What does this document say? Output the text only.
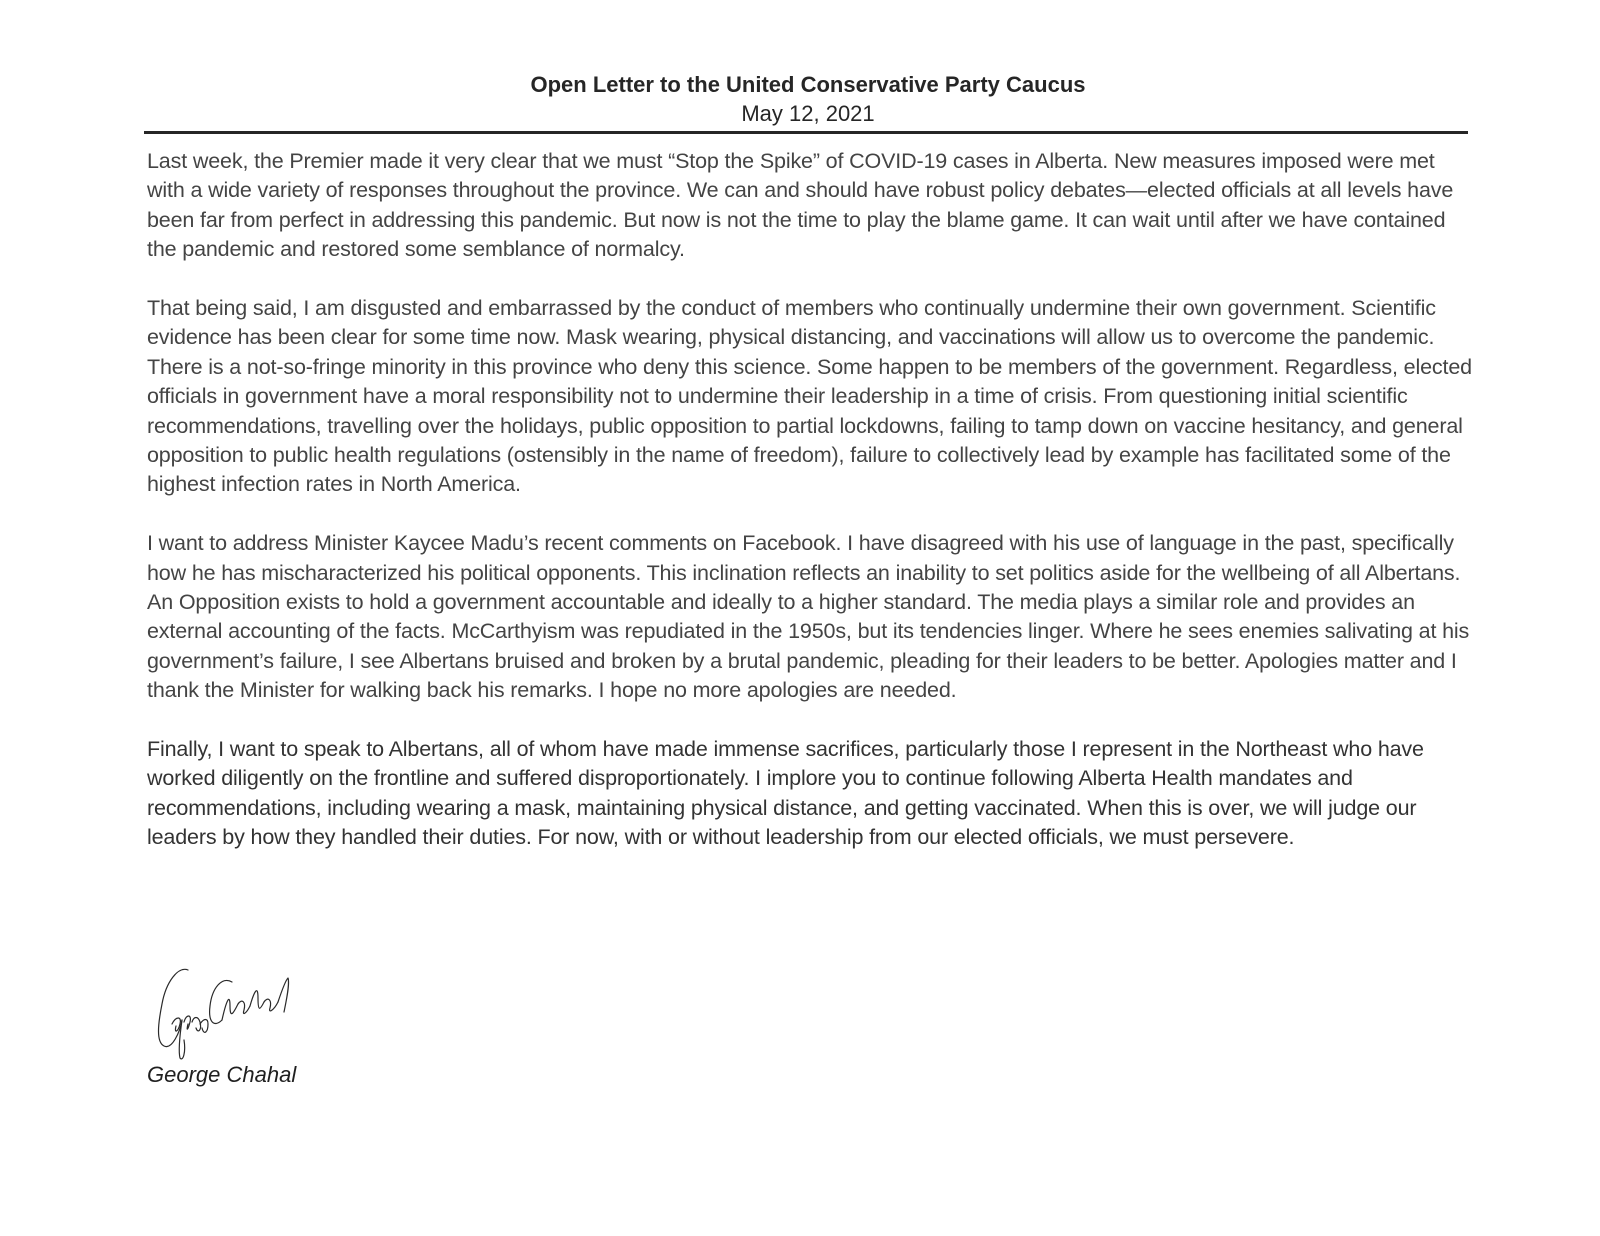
Open Letter to the United Conservative Party Caucus

May 12, 2021

Last week, the Premier made it very clear that we must “Stop the Spike” of COVID-19 cases in Alberta. New measures imposed were met with a wide variety of responses throughout the province. We can and should have robust policy debates—elected officials at all levels have been far from perfect in addressing this pandemic. But now is not the time to play the blame game. It can wait until after we have contained the pandemic and restored some semblance of normalcy.

That being said, I am disgusted and embarrassed by the conduct of members who continually undermine their own government. Scientific evidence has been clear for some time now. Mask wearing, physical distancing, and vaccinations will allow us to overcome the pandemic. There is a not-so-fringe minority in this province who deny this science. Some happen to be members of the government. Regardless, elected officials in government have a moral responsibility not to undermine their leadership in a time of crisis. From questioning initial scientific recommendations, travelling over the holidays, public opposition to partial lockdowns, failing to tamp down on vaccine hesitancy, and general opposition to public health regulations (ostensibly in the name of freedom), failure to collectively lead by example has facilitated some of the highest infection rates in North America.

I want to address Minister Kaycee Madu’s recent comments on Facebook. I have disagreed with his use of language in the past, specifically how he has mischaracterized his political opponents. This inclination reflects an inability to set politics aside for the wellbeing of all Albertans. An Opposition exists to hold a government accountable and ideally to a higher standard. The media plays a similar role and provides an external accounting of the facts. McCarthyism was repudiated in the 1950s, but its tendencies linger. Where he sees enemies salivating at his government’s failure, I see Albertans bruised and broken by a brutal pandemic, pleading for their leaders to be better. Apologies matter and I thank the Minister for walking back his remarks. I hope no more apologies are needed.

Finally, I want to speak to Albertans, all of whom have made immense sacrifices, particularly those I represent in the Northeast who have worked diligently on the frontline and suffered disproportionately. I implore you to continue following Alberta Health mandates and recommendations, including wearing a mask, maintaining physical distance, and getting vaccinated. When this is over, we will judge our leaders by how they handled their duties. For now, with or without leadership from our elected officials, we must persevere.

George Chahal
